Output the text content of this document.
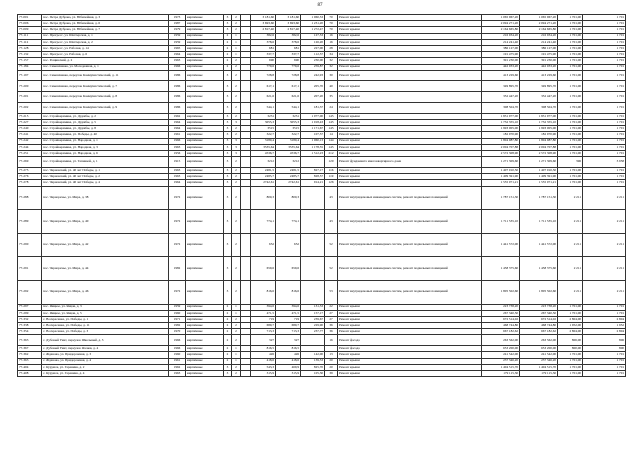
87
77-001	пос. Петра Дубрава, ул. Юбилейная, д. 3	1973	кирпичные	3	2		3 181,60	3 181,60	1 060,53	70	Ремонт крыши	1 065 967,20	1 065 967,20	1 701,00	1 701
77-006	пос. Петра Дубрава, ул. Юбилейная, д. 6	1987	кирпичные	3	2		3 693,60	3 693,60	1 231,20	70	Ремонт крыши	2 094 271,20	2 094 271,20	1 701,00	1 701
77-009	пос. Петра Дубрава, ул. Юбилейная, д. 7	1979	кирпичные	3	2		2 817,40	2 817,40	1 272,47	70	Ремонт крыши	2 164 665,80	2 164 665,80	1 701,00	1 701
77-111	пос. Прогресс, ул. Шахтерская, д. 1	1959	кирпичные	2	1		382,6	382,6	127,53	16	Ремонт крыши	216 934,20	216 934,20	1 701,00	1 701
77-112	пос. Прогресс, ул. Шахтерская, д. 2	1959	кирпичные	2	1		378,6	378,6	126,20	16	Ремонт крыши	214 241,40	214 241,40	1 701,00	1 701
77-128	пос. Прогресс, ул. Рабочая, д. 14	1965	кирпичные	2	1		681	681	227,00	28	Ремонт крыши	386 127,00	386 127,00	1 701,00	1 701
77-132	пос. Прогресс, ул. Рабочая, д. 6	1964	кирпичные	2	1		337,7	337,7	112,57	34	Ремонт крыши	191 475,90	191 475,90	1 701,00	1 701
77-157	пос. Рощинский, д. 2	1963	кирпичные	2	2		690	690	230,00	32	Ремонт крыши	391 230,00	391 230,00	1 701,00	1 701
77-184	пос. Смышляевка, ул. Молодежная, д. 1	1966	кирпичные	2	2		779,6	779,6	259,87	32	Ремонт крыши	442 033,20	442 033,20	1 701,00	1 701
77-197	пос. Смышляевка, переулок Коммунистический, д. 11	1986	кирпичные	3	2		728,8	728,8	242,93	30	Ремонт крыши	413 229,60	413 229,60	1 701,00	1 701
77-200	пос. Смышляевка, переулок Коммунистический, д. 7	1986	кирпичные	3	2		617,1	617,1	205,70	40	Ремонт крыши	349 895,70	349 895,70	1 701,00	1 701
77-201	пос. Смышляевка, переулок Коммунистический, д. 8	1986	кирпичные	3	2		621,6	621,6	207,20	35	Ремонт крыши	352 447,20	352 447,20	1 701,00	1 701
77-202	пос. Смышляевка, переулок Коммунистический, д. 9	1986	кирпичные	3	2		544,1	544,1	181,37	24	Ремонт крыши	308 504,70	308 504,70	1 701,00	1 701
77-215	пос. Стройкерамика, ул. Дружбы, д. 2	1962	кирпичные	3	2		3231	3231	1 077,00	145	Ремонт крыши	1 831 977,00	1 831 977,00	1 701,00	1 701
77-227	пос. Стройкерамика, ул. Дружбы, д. 5	1964	кирпичные	3	3		3055,3	3055,3	1 018,43	145	Ремонт крыши	1 732 355,10	1 732 355,10	1 701,00	1 701
77-240	пос. Стройкерамика, ул. Дружбы, д. 8	1964	кирпичные	3	2		3515	3515	1 171,67	145	Ремонт крыши	1 993 005,00	1 993 005,00	1 701,00	1 701
77-241	пос. Стройкерамика, ул. Победы, д. 40	1961	кирпичные	3	2		322,7	322,7	107,57	14	Ремонт крыши	182 970,90	182 970,90	1 701,00	1 701
77-242	пос. Стройкерамика, ул. Народная, д. 1	1966	кирпичные	3	3		3180,4	3180,4	1 060,13	144	Ремонт крыши	1 804 987,80	1 804 987,80	1 701,00	1 701
77-244	пос. Стройкерамика, ул. Народная, д. 3	1963	кирпичные	3	3		3535,64	3535,64	1 178,55	145	Ремонт крыши	2 004 707,88	2 004 707,88	1 701,00	1 701
77-251	пос. Стройкерамика, ул. Народная, д. 6	1956	кирпичные	3	3		4536,7	4536,7	1 512,23	212	Ремонт крыши	2 572 308,90	2 572 308,90	1 701,00	1 701
77-269	пос. Стройкерамика, ул. Техникой, д. 1	1915	кирпичные	3	2		3212	3212		120	Ремонт фундамента многоквартирного дома	1 271 309,60	1 271 309,60	396	3 958
77-275	пос. Черновский, ул. 40 лет Победы, д. 1	1963	кирпичные	3	2		2481,5	2481,5	827,17	116	Ремонт крыши	1 407 010,50	1 407 010,50	1 701,00	1 701
77-276	пос. Черновский, ул. 40 лет Победы, д. 2	1963	кирпичные	3	2		2485,7	2485,7	828,57	119	Ремонт крыши	1 409 391,90	1 409 391,90	1 701,00	1 701
77-278	пос. Черновский, ул. 40 лет Победы, д. 4	1964	кирпичные	3	2		2742,61	2742,61	914,21	126	Ремонт крыши	1 555 071,21	1 555 071,21	1 701,00	1 701
77-288	пос. Черноречье, ул. Мира, д. 38	1972	кирпичные	3	2		800,3	800,3		43	Ремонт внутридомовых инженерных систем, ремонт подвальных помещений	1 787 151,30	1 787 151,30	2 211	2 211
77-289	пос. Черноречье, ул. Мира, д. 40	1972	кирпичные	3	2		774,1	774,1		43	Ремонт внутридомовых инженерных систем, ремонт подвальных помещений	1 711 535,10	1 711 535,10	2 211	2 211
77-290	пос. Черноречье, ул. Мира, д. 42	1972	кирпичные	3	2		652	652		52	Ремонт внутридомовых инженерных систем, ремонт подвальных помещений	1 441 572,00	1 441 572,00	2 211	2 211
77-291	пос. Черноречье, ул. Мира, д. 44	1982	кирпичные	3	2		659,6	659,6		52	Ремонт внутридомовых инженерных систем, ремонт подвальных помещений	1 458 375,60	1 458 375,60	2 211	2 211
77-292	пос. Черноречье, ул. Мира, д. 46	1972	кирпичные	3	2		816,6	816,6		53	Ремонт внутридомовых инженерных систем, ремонт подвальных помещений	1 805 502,60	1 805 502,60	2 211	2 211
77-297	пос. Яицкое, ул. Янцая, д. 3	1959	кирпичные	2	1		394,6	394,6	131,53	22	Ремонт крыши	223 738,20	223 738,20	1 701,00	1 701
77-299	пос. Яицкое, ул. Янцая, д. 5	1960	кирпичные	2	1		471,5	471,5	157,17	27	Ремонт крыши	267 340,50	267 340,50	1 701,00	1 701
77-332	с. Воскресенка, ул. Победы, д. 1	1971	кирпичные	2	2		719	719	239,67	27	Ремонт крыши	672 514,02	672 514,02	2 804,00	2 804
77-338	с. Воскресенка, ул. Победы, д. 11	1982	кирпичные	2	2		689,7	689,7	229,90	36	Ремонт крыши	468 744,80	468 744,80	1 952,00	1 952
77-354	с. Воскресенка, ул. Победы, д. 3	1970	кирпичные	2	2		713,3	713,3	237,77	36	Ремонт крыши	667 182,62	667 182,62	2 804,00	2 804
77-363	с. Дубовый Умет, переулок Школьный, д. 3	1966	кирпичные	2	2		327	327		16	Ремонт фасада	263 562,00	263 562,00	806,00	806
77-367	с. Дубовый Умет, переулок Ясенев, д. 4	1966	кирпичные	2	1		816,5	816,5			Ремонт фасада	653 200,00	653 200,00	800,00	800
77-362	с. Жданова, ул. Придорожная, д. 3	1960	кирпичные	2	1		426	426	142,00	13	Ремонт крыши	241 542,00	241 542,00	1 701,00	1 701
77-363	с. Жданова, ул. Придорожная, д. 4	1961	кирпичные	2	1		418,6	418,6	139,53	20	Ремонт крыши	237 346,20	237 346,20	1 701,00	1 701
77-404	с. Курумоч, ул. Гаранина, д. 2	1962	кирпичные	3	2		543,3	469,9	825,70	20	Ремонт крыши	1 404 515,70	1 404 515,70	1 701,00	1 701
77-408	с. Курумоч, ул. Гаранина, д. 4	1963	кирпичные	3	2		315,9	315,9	105,30	39	Ремонт крыши	179 115,30	179 115,30	1 701,00	1 701
